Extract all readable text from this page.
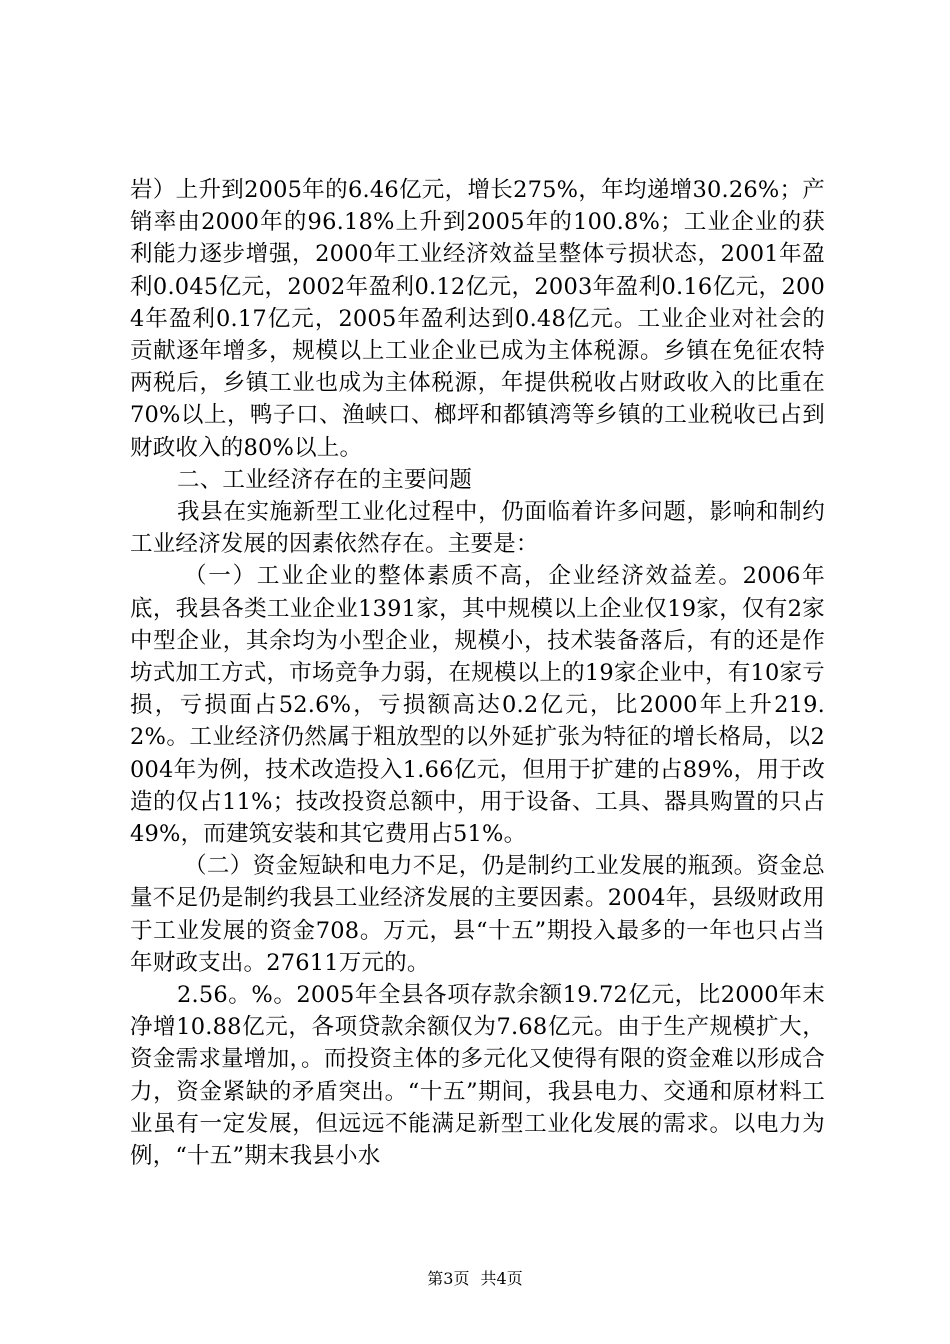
岩）上升到2005年的6.46亿元，增长275%，年均递增30.26%；产销率由2000年的96.18%上升到2005年的100.8%；工业企业的获利能力逐步增强，2000年工业经济效益呈整体亏损状态，2001年盈利0.045亿元，2002年盈利0.12亿元，2003年盈利0.16亿元，2004年盈利0.17亿元，2005年盈利达到0.48亿元。工业企业对社会的贡献逐年增多，规模以上工业企业已成为主体税源。乡镇在免征农特两税后，乡镇工业也成为主体税源，年提供税收占财政收入的比重在70%以上，鸭子口、渔峡口、榔坪和都镇湾等乡镇的工业税收已占到财政收入的80%以上。

二、工业经济存在的主要问题

我县在实施新型工业化过程中，仍面临着许多问题，影响和制约工业经济发展的因素依然存在。主要是：

（一）工业企业的整体素质不高，企业经济效益差。2006年底，我县各类工业企业1391家，其中规模以上企业仅19家，仅有2家中型企业，其余均为小型企业，规模小，技术装备落后，有的还是作坊式加工方式，市场竞争力弱，在规模以上的19家企业中，有10家亏损，亏损面占52.6%，亏损额高达0.2亿元，比2000年上升219.2%。工业经济仍然属于粗放型的以外延扩张为特征的增长格局，以2004年为例，技术改造投入1.66亿元，但用于扩建的占89%，用于改造的仅占11%；技改投资总额中，用于设备、工具、器具购置的只占49%，而建筑安装和其它费用占51%。

（二）资金短缺和电力不足，仍是制约工业发展的瓶颈。资金总量不足仍是制约我县工业经济发展的主要因素。2004年，县级财政用于工业发展的资金708。万元，县“十五”期投入最多的一年也只占当年财政支出。27611万元的。

2.56。%。2005年全县各项存款余额19.72亿元，比2000年末净增10.88亿元，各项贷款余额仅为7.68亿元。由于生产规模扩大，资金需求量增加，。而投资主体的多元化又使得有限的资金难以形成合力，资金紧缺的矛盾突出。“十五”期间，我县电力、交通和原材料工业虽有一定发展，但远远不能满足新型工业化发展的需求。以电力为例，“十五”期末我县小水

第3页 共4页
